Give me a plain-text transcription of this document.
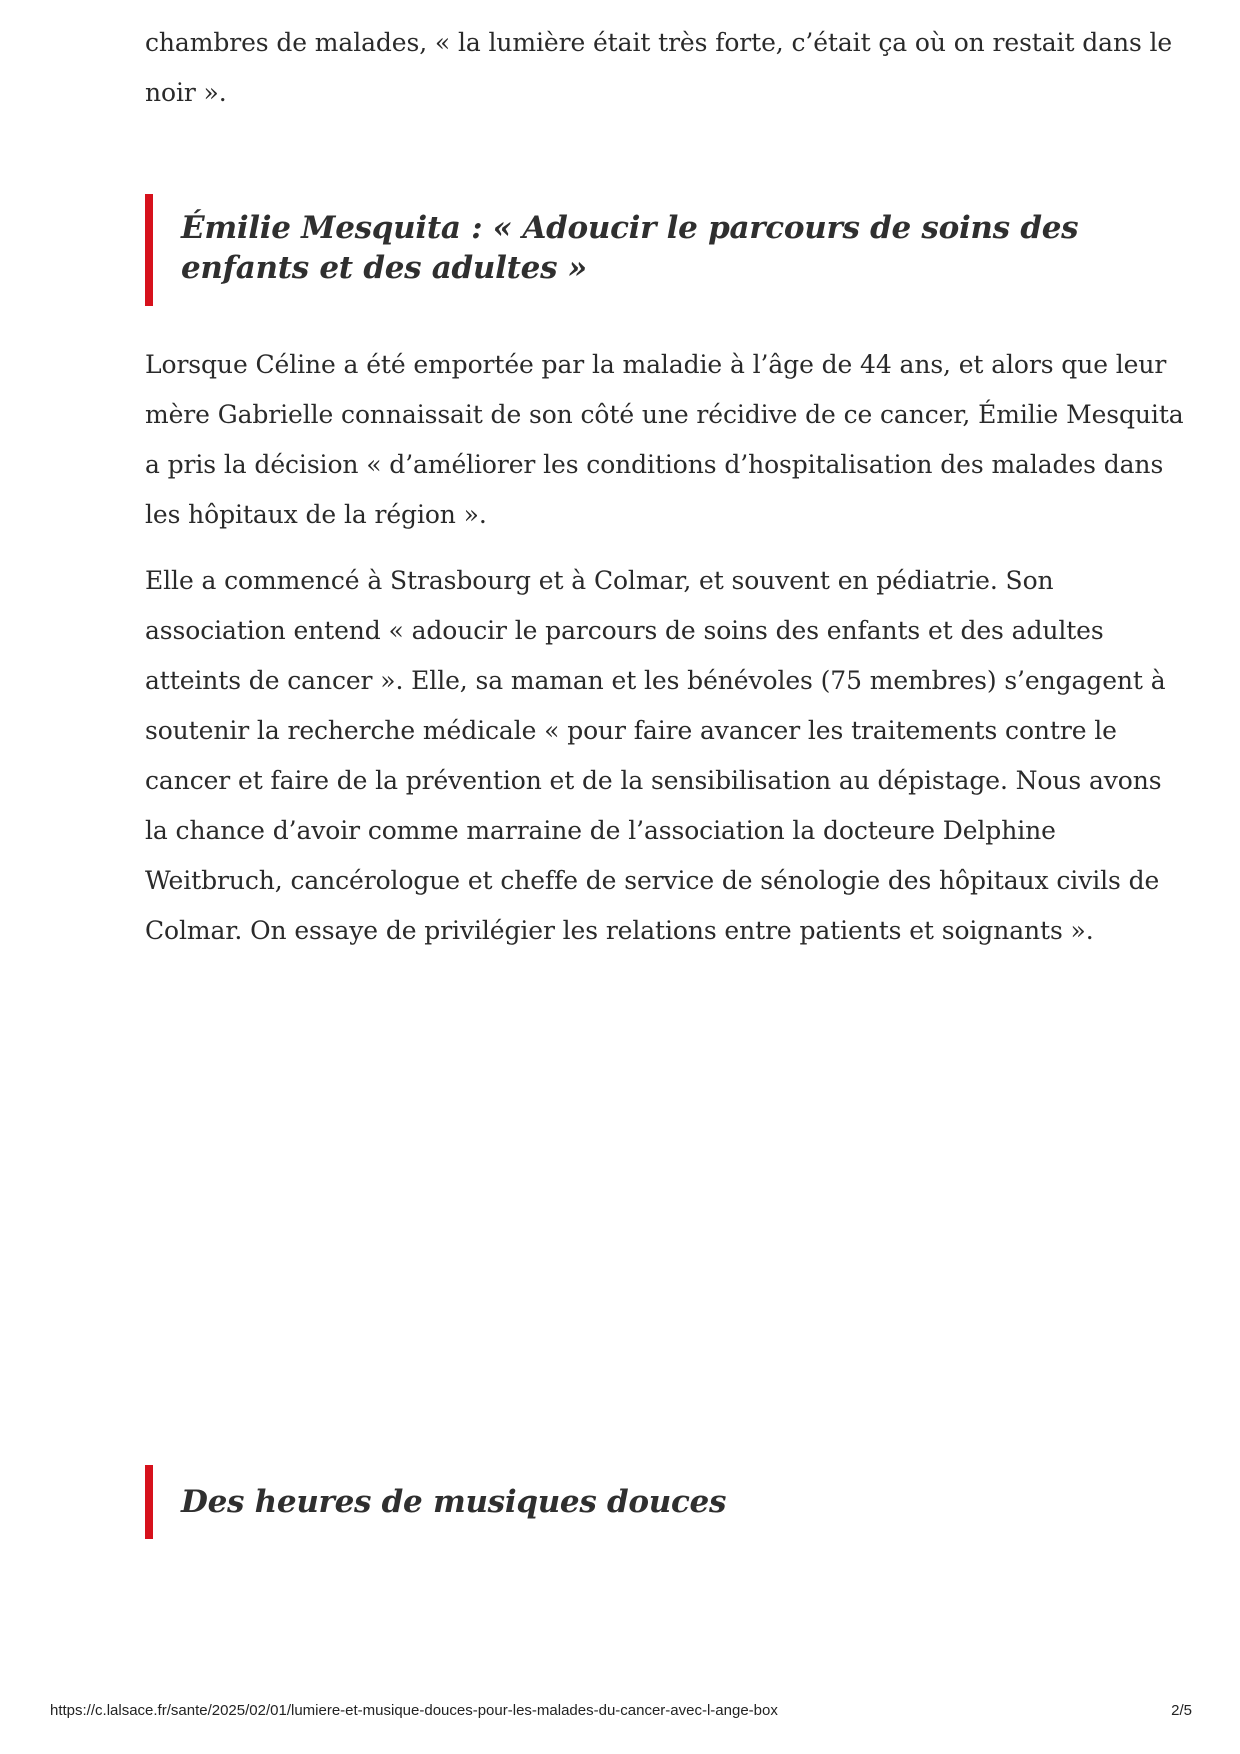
chambres de malades, « la lumière était très forte, c’était ça où on restait dans le noir ».

Émilie Mesquita : « Adoucir le parcours de soins des enfants et des adultes »

Lorsque Céline a été emportée par la maladie à l’âge de 44 ans, et alors que leur mère Gabrielle connaissait de son côté une récidive de ce cancer, Émilie Mesquita a pris la décision « d’améliorer les conditions d’hospitalisation des malades dans les hôpitaux de la région ».

Elle a commencé à Strasbourg et à Colmar, et souvent en pédiatrie. Son association entend « adoucir le parcours de soins des enfants et des adultes atteints de cancer ». Elle, sa maman et les bénévoles (75 membres) s’engagent à soutenir la recherche médicale « pour faire avancer les traitements contre le cancer et faire de la prévention et de la sensibilisation au dépistage. Nous avons la chance d’avoir comme marraine de l’association la docteure Delphine Weitbruch, cancérologue et cheffe de service de sénologie des hôpitaux civils de Colmar. On essaye de privilégier les relations entre patients et soignants ».

Des heures de musiques douces
https://c.lalsace.fr/sante/2025/02/01/lumiere-et-musique-douces-pour-les-malades-du-cancer-avec-l-ange-box	2/5
